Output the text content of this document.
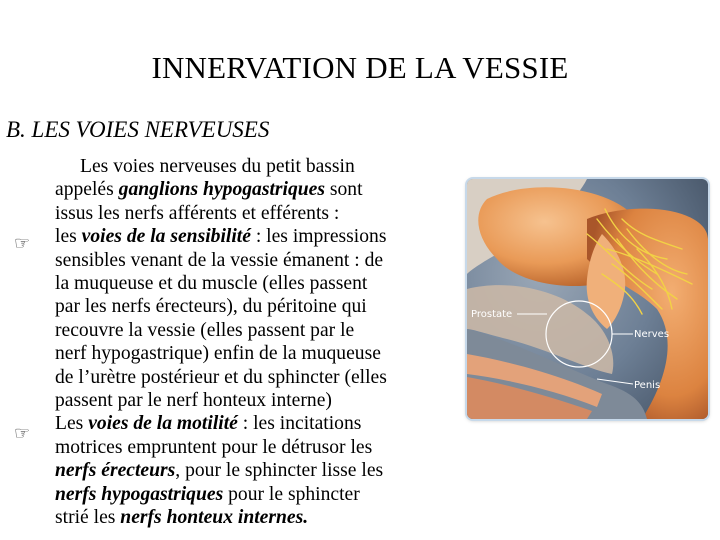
INNERVATION DE LA VESSIE
B. LES VOIES NERVEUSES
☞
☞
Les voies nerveuses du petit bassin
appelés ganglions hypogastriques sont
issus les nerfs afférents et efférents :
les voies de la sensibilité : les impressions
sensibles venant de la vessie émanent : de
la muqueuse et du muscle (elles passent
par les nerfs érecteurs), du péritoine qui
recouvre la vessie (elles passent par le
nerf hypogastrique) enfin de la muqueuse
de l’urètre postérieur et du sphincter (elles
passent par le nerf honteux interne)
Les voies de la motilité : les incitations
motrices empruntent pour le détrusor les
nerfs érecteurs, pour le sphincter lisse les
nerfs hypogastriques pour le sphincter
strié les nerfs honteux internes.
Prostate
Nerves
Penis
